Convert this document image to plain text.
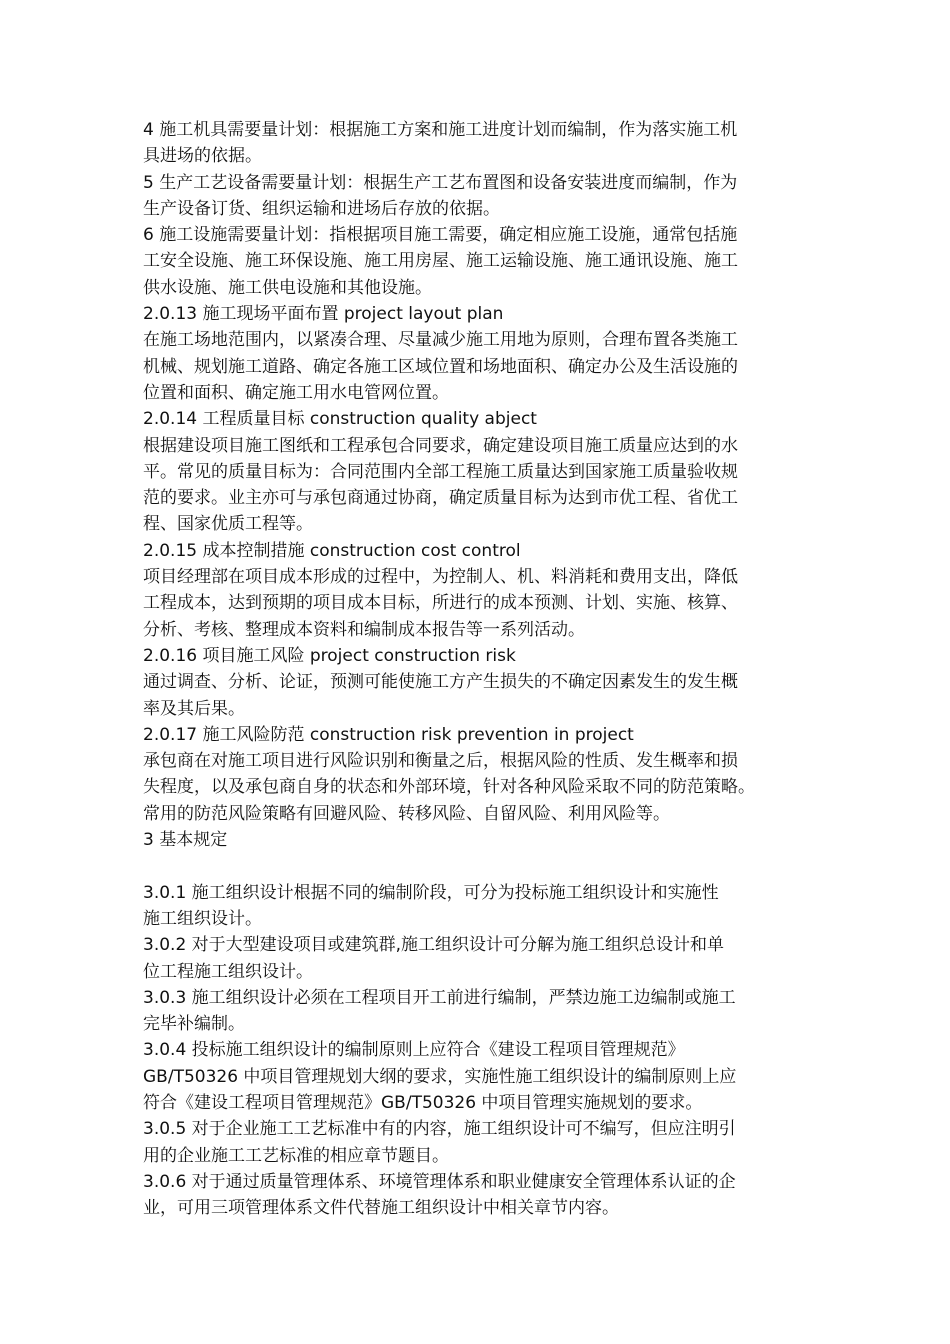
4 施工机具需要量计划：根据施工方案和施工进度计划而编制，作为落实施工机
具进场的依据。
5 生产工艺设备需要量计划：根据生产工艺布置图和设备安装进度而编制，作为
生产设备订货、组织运输和进场后存放的依据。
6 施工设施需要量计划：指根据项目施工需要，确定相应施工设施，通常包括施
工安全设施、施工环保设施、施工用房屋、施工运输设施、施工通讯设施、施工
供水设施、施工供电设施和其他设施。
2.0.13 施工现场平面布置 project layout plan
在施工场地范围内，以紧凑合理、尽量减少施工用地为原则，合理布置各类施工
机械、规划施工道路、确定各施工区域位置和场地面积、确定办公及生活设施的
位置和面积、确定施工用水电管网位置。
2.0.14 工程质量目标 construction quality abject
根据建设项目施工图纸和工程承包合同要求，确定建设项目施工质量应达到的水
平。常见的质量目标为：合同范围内全部工程施工质量达到国家施工质量验收规
范的要求。业主亦可与承包商通过协商，确定质量目标为达到市优工程、省优工
程、国家优质工程等。
2.0.15 成本控制措施 construction cost control
项目经理部在项目成本形成的过程中，为控制人、机、料消耗和费用支出，降低
工程成本，达到预期的项目成本目标，所进行的成本预测、计划、实施、核算、
分析、考核、整理成本资料和编制成本报告等一系列活动。
2.0.16 项目施工风险 project construction risk
通过调查、分析、论证，预测可能使施工方产生损失的不确定因素发生的发生概
率及其后果。
2.0.17 施工风险防范 construction risk prevention in project
承包商在对施工项目进行风险识别和衡量之后，根据风险的性质、发生概率和损
失程度，以及承包商自身的状态和外部环境，针对各种风险采取不同的防范策略。
常用的防范风险策略有回避风险、转移风险、自留风险、利用风险等。
3 基本规定
3.0.1 施工组织设计根据不同的编制阶段，可分为投标施工组织设计和实施性
施工组织设计。
3.0.2 对于大型建设项目或建筑群,施工组织设计可分解为施工组织总设计和单
位工程施工组织设计。
3.0.3 施工组织设计必须在工程项目开工前进行编制，严禁边施工边编制或施工
完毕补编制。
3.0.4 投标施工组织设计的编制原则上应符合《建设工程项目管理规范》
GB/T50326 中项目管理规划大纲的要求，实施性施工组织设计的编制原则上应
符合《建设工程项目管理规范》GB/T50326 中项目管理实施规划的要求。
3.0.5 对于企业施工工艺标准中有的内容，施工组织设计可不编写，但应注明引
用的企业施工工艺标准的相应章节题目。
3.0.6 对于通过质量管理体系、环境管理体系和职业健康安全管理体系认证的企
业，可用三项管理体系文件代替施工组织设计中相关章节内容。
